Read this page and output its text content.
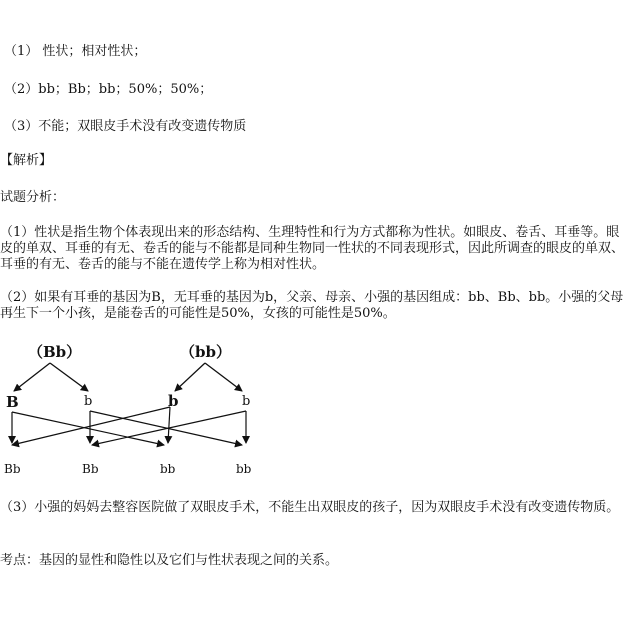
（1） 性状；相对性状；
（2）bb；Bb；bb；50%；50%；
（3）不能；双眼皮手术没有改变遗传物质
【解析】
试题分析：
（1）性状是指生物个体表现出来的形态结构、生理特性和行为方式都称为性状。如眼皮、卷舌、耳垂等。眼皮的单双、耳垂的有无、卷舌的能与不能都是同种生物同一性状的不同表现形式，因此所调查的眼皮的单双、耳垂的有无、卷舌的能与不能在遗传学上称为相对性状。
（2）如果有耳垂的基因为B，无耳垂的基因为b，父亲、母亲、小强的基因组成：bb、Bb、bb。小强的父母再生下一个小孩，是能卷舌的可能性是50%，女孩的可能性是50%。
（Bb）	（bb）
B	b	b	b
Bb	Bb	bb	bb
（3）小强的妈妈去整容医院做了双眼皮手术，不能生出双眼皮的孩子，因为双眼皮手术没有改变遗传物质。
考点：基因的显性和隐性以及它们与性状表现之间的关系。
